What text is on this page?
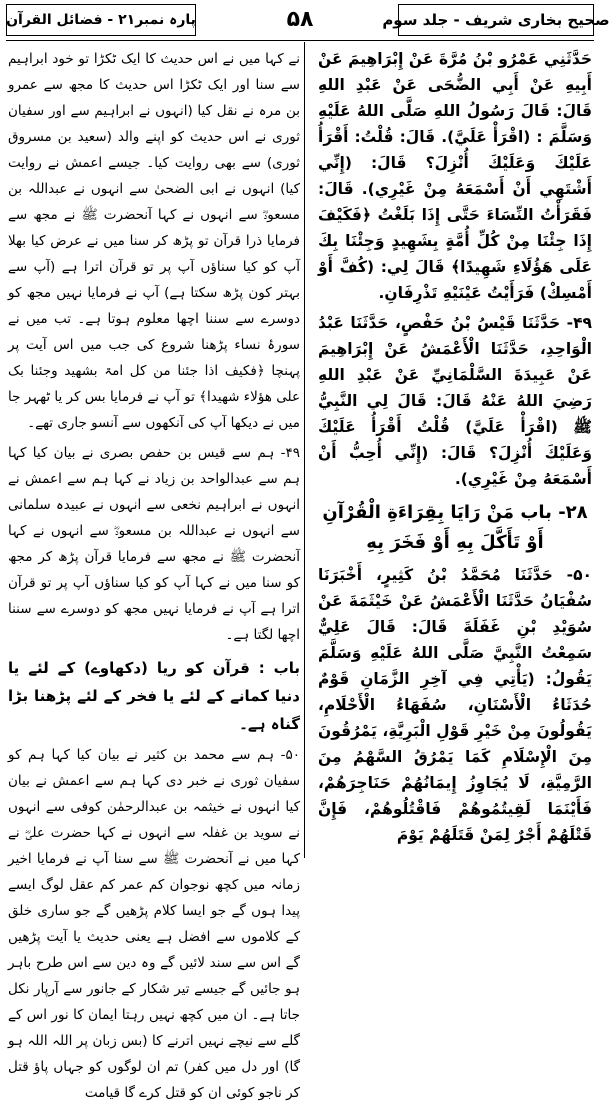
صحیح بخاری شریف - جلد سوم
۵۸
پارہ نمبر۲۱ - فضائل القرآن

حَدَّثَنِي عَمْرُو بْنُ مُرَّةَ عَنْ إِبْرَاهِيمَ عَنْ أَبِيهِ عَنْ أَبِي الضُّحَى عَنْ عَبْدِ اللهِ قَالَ: قَالَ رَسُولُ اللهِ صَلَّى اللهُ عَلَيْهِ وَسَلَّمَ : (اقْرَأْ عَلَيَّ). قَالَ: قُلْتُ: أَقْرَأُ عَلَيْكَ وَعَلَيْكَ أُنْزِلَ؟ قَالَ: (إِنِّي أَشْتَهِي أَنْ أَسْمَعَهُ مِنْ غَيْرِي). قَالَ: فَقَرَأْتُ النِّسَاءَ حَتَّى إِذَا بَلَغْتُ ﴿فَكَيْفَ إِذَا جِئْنَا مِنْ كُلِّ أُمَّةٍ بِشَهِيدٍ وَجِئْنَا بِكَ عَلَى هَؤُلَاءِ شَهِيدًا﴾ قَالَ لِي: (كُفَّ أَوْ أَمْسِكْ) فَرَأَيْتُ عَيْنَيْهِ تَذْرِفَانِ.

۴۹- حَدَّثَنَا قَيْسُ بْنُ حَفْصٍ، حَدَّثَنَا عَبْدُ الْوَاحِدِ، حَدَّثَنَا الْأَعْمَشُ عَنْ إِبْرَاهِيمَ عَنْ عَبِيدَةَ السَّلْمَانِيِّ عَنْ عَبْدِ اللهِ رَضِيَ اللهُ عَنْهُ قَالَ: قَالَ لِي النَّبِيُّ ﷺ (اقْرَأْ عَلَيَّ) قُلْتُ أَقْرَأُ عَلَيْكَ وَعَلَيْكَ أُنْزِلَ؟ قَالَ: (إِنِّي أُحِبُّ أَنْ أَسْمَعَهُ مِنْ غَيْرِي).

۲۸- باب مَنْ رَايَا بِقِرَاءَةِ الْقُرْآنِ أَوْ تَأَكَّلَ بِهِ أَوْ فَخَرَ بِهِ

۵۰- حَدَّثَنَا مُحَمَّدُ بْنُ كَثِيرٍ، أَخْبَرَنَا سُفْيَانُ حَدَّثَنَا الْأَعْمَشُ عَنْ خَيْثَمَةَ عَنْ سُوَيْدِ بْنِ غَفَلَةَ قَالَ: قَالَ عَلِيٌّ سَمِعْتُ النَّبِيَّ صَلَّى اللهُ عَلَيْهِ وَسَلَّمَ يَقُولُ: (يَأْتِي فِي آخِرِ الزَّمَانِ قَوْمٌ حُدَثَاءُ الْأَسْنَانِ، سُفَهَاءُ الْأَحْلَامِ، يَقُولُونَ مِنْ خَيْرِ قَوْلِ الْبَرِيَّةِ، يَمْرُقُونَ مِنَ الْإِسْلَامِ كَمَا يَمْرُقُ السَّهْمُ مِنَ الرَّمِيَّةِ، لَا يُجَاوِزُ إِيمَانُهُمْ حَنَاجِرَهُمْ، فَأَيْنَمَا لَقِيتُمُوهُمْ فَاقْتُلُوهُمْ، فَإِنَّ قَتْلَهُمْ أَجْرٌ لِمَنْ قَتَلَهُمْ يَوْمَ

نے کہا میں نے اس حدیث کا ایک ٹکڑا تو خود ابراہیم سے سنا اور ایک ٹکڑا اس حدیث کا مجھ سے عمرو بن مرہ نے نقل کیا (انہوں نے ابراہیم سے اور سفیان ثوری نے اس حدیث کو اپنے والد (سعید بن مسروق ثوری) سے بھی روایت کیا۔ جیسے اعمش نے روایت کیا) انہوں نے ابی الضحیٰ سے انہوں نے عبداللہ بن مسعودؓ سے انہوں نے کہا آنحضرت ﷺ نے مجھ سے فرمایا ذرا قرآن تو پڑھ کر سنا میں نے عرض کیا بھلا آپ کو کیا سناؤں آپ پر تو قرآن اترا ہے (آپ سے بہتر کون پڑھ سکتا ہے) آپ نے فرمایا نہیں مجھ کو دوسرے سے سننا اچھا معلوم ہوتا ہے۔ تب میں نے سورۂ نساء پڑھنا شروع کی جب میں اس آیت پر پہنچا ﴿فکیف اذا جئنا من کل امۃ بشھید وجئنا بک علی ھؤلاء شھیدا﴾ تو آپ نے فرمایا بس کر یا ٹھہر جا میں نے دیکھا آپ کی آنکھوں سے آنسو جاری تھے۔

۴۹- ہم سے قیس بن حفص بصری نے بیان کیا کہا ہم سے عبدالواحد بن زیاد نے کہا ہم سے اعمش نے انہوں نے ابراہیم نخعی سے انہوں نے عبیدہ سلمانی سے انہوں نے عبداللہ بن مسعودؓ سے انہوں نے کہا آنحضرت ﷺ نے مجھ سے فرمایا قرآن پڑھ کر مجھ کو سنا میں نے کہا آپ کو کیا سناؤں آپ پر تو قرآن اترا ہے آپ نے فرمایا نہیں مجھ کو دوسرے سے سننا اچھا لگتا ہے۔

باب : قرآن کو ریا (دکھاوے) کے لئے یا دنیا کمانے کے لئے یا فخر کے لئے پڑھنا بڑا گناہ ہے۔

۵۰- ہم سے محمد بن کثیر نے بیان کیا کہا ہم کو سفیان ثوری نے خبر دی کہا ہم سے اعمش نے بیان کیا انہوں نے خیثمہ بن عبدالرحمٰن کوفی سے انہوں نے سوید بن غفلہ سے انہوں نے کہا حضرت علیؓ نے کہا میں نے آنحضرت ﷺ سے سنا آپ نے فرمایا اخیر زمانہ میں کچھ نوجوان کم عمر کم عقل لوگ ایسے پیدا ہوں گے جو ایسا کلام پڑھیں گے جو ساری خلق کے کلاموں سے افضل ہے یعنی حدیث یا آیت پڑھیں گے اس سے سند لائیں گے وہ دین سے اس طرح باہر ہو جائیں گے جیسے تیر شکار کے جانور سے آرپار نکل جاتا ہے۔ ان میں کچھ نہیں رہتا ایمان کا نور اس کے گلے سے نیچے نہیں اترنے کا (بس زبان پر اللہ اللہ ہو گا) اور دل میں کفر) تم ان لوگوں کو جہاں پاؤ قتل کر ناجو کوئی ان کو قتل کرے گا قیامت
